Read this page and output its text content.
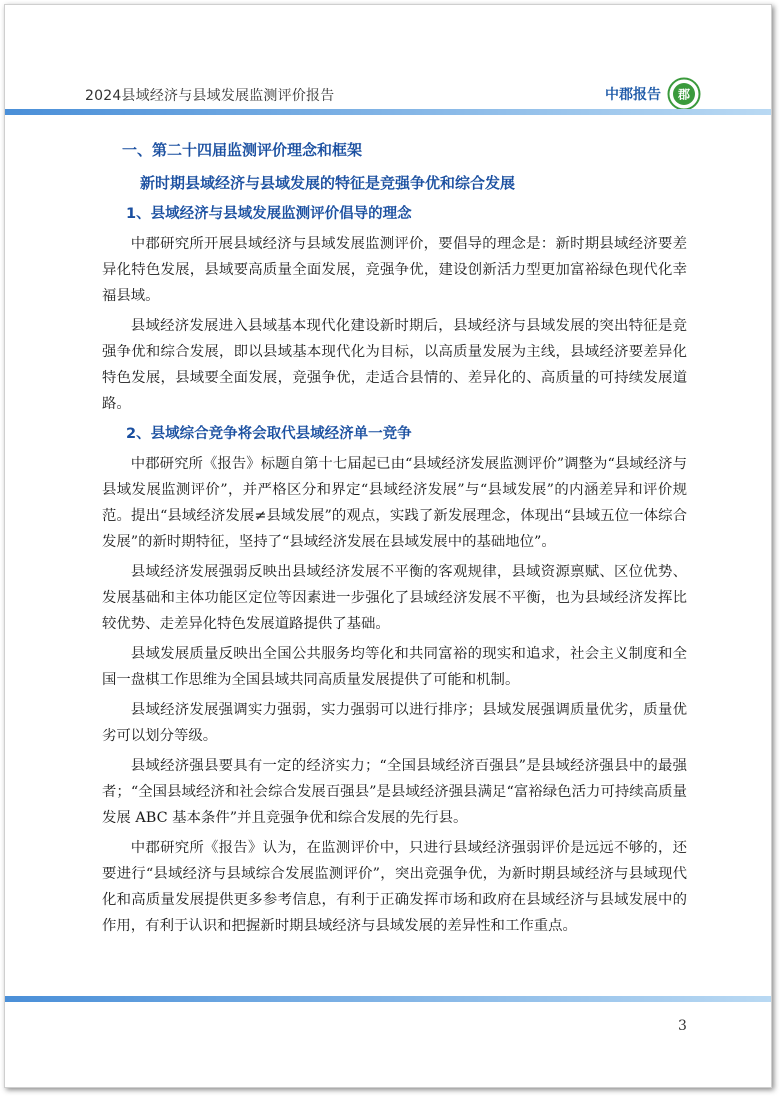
2024县域经济与县域发展监测评价报告	中郡报告 郡
一、第二十四届监测评价理念和框架
新时期县域经济与县域发展的特征是竞强争优和综合发展
1、县域经济与县域发展监测评价倡导的理念

中郡研究所开展县域经济与县域发展监测评价，要倡导的理念是：新时期县域经济要差异化特色发展，县域要高质量全面发展，竞强争优，建设创新活力型更加富裕绿色现代化幸福县域。

县域经济发展进入县域基本现代化建设新时期后，县域经济与县域发展的突出特征是竞强争优和综合发展，即以县域基本现代化为目标，以高质量发展为主线，县域经济要差异化特色发展，县域要全面发展，竞强争优，走适合县情的、差异化的、高质量的可持续发展道路。

2、县域综合竞争将会取代县域经济单一竞争

中郡研究所《报告》标题自第十七届起已由“县域经济发展监测评价”调整为“县域经济与县域发展监测评价”，并严格区分和界定“县域经济发展”与“县域发展”的内涵差异和评价规范。提出“县域经济发展≠县域发展”的观点，实践了新发展理念，体现出“县域五位一体综合发展”的新时期特征，坚持了“县域经济发展在县域发展中的基础地位”。

县域经济发展强弱反映出县域经济发展不平衡的客观规律，县域资源禀赋、区位优势、发展基础和主体功能区定位等因素进一步强化了县域经济发展不平衡，也为县域经济发挥比较优势、走差异化特色发展道路提供了基础。

县域发展质量反映出全国公共服务均等化和共同富裕的现实和追求，社会主义制度和全国一盘棋工作思维为全国县域共同高质量发展提供了可能和机制。

县域经济发展强调实力强弱，实力强弱可以进行排序；县域发展强调质量优劣，质量优劣可以划分等级。

县域经济强县要具有一定的经济实力；“全国县域经济百强县”是县域经济强县中的最强者；“全国县域经济和社会综合发展百强县”是县域经济强县满足“富裕绿色活力可持续高质量发展 ABC 基本条件”并且竞强争优和综合发展的先行县。

中郡研究所《报告》认为，在监测评价中，只进行县域经济强弱评价是远远不够的，还要进行“县域经济与县域综合发展监测评价”，突出竞强争优，为新时期县域经济与县域现代化和高质量发展提供更多参考信息，有利于正确发挥市场和政府在县域经济与县域发展中的作用，有利于认识和把握新时期县域经济与县域发展的差异性和工作重点。

3
